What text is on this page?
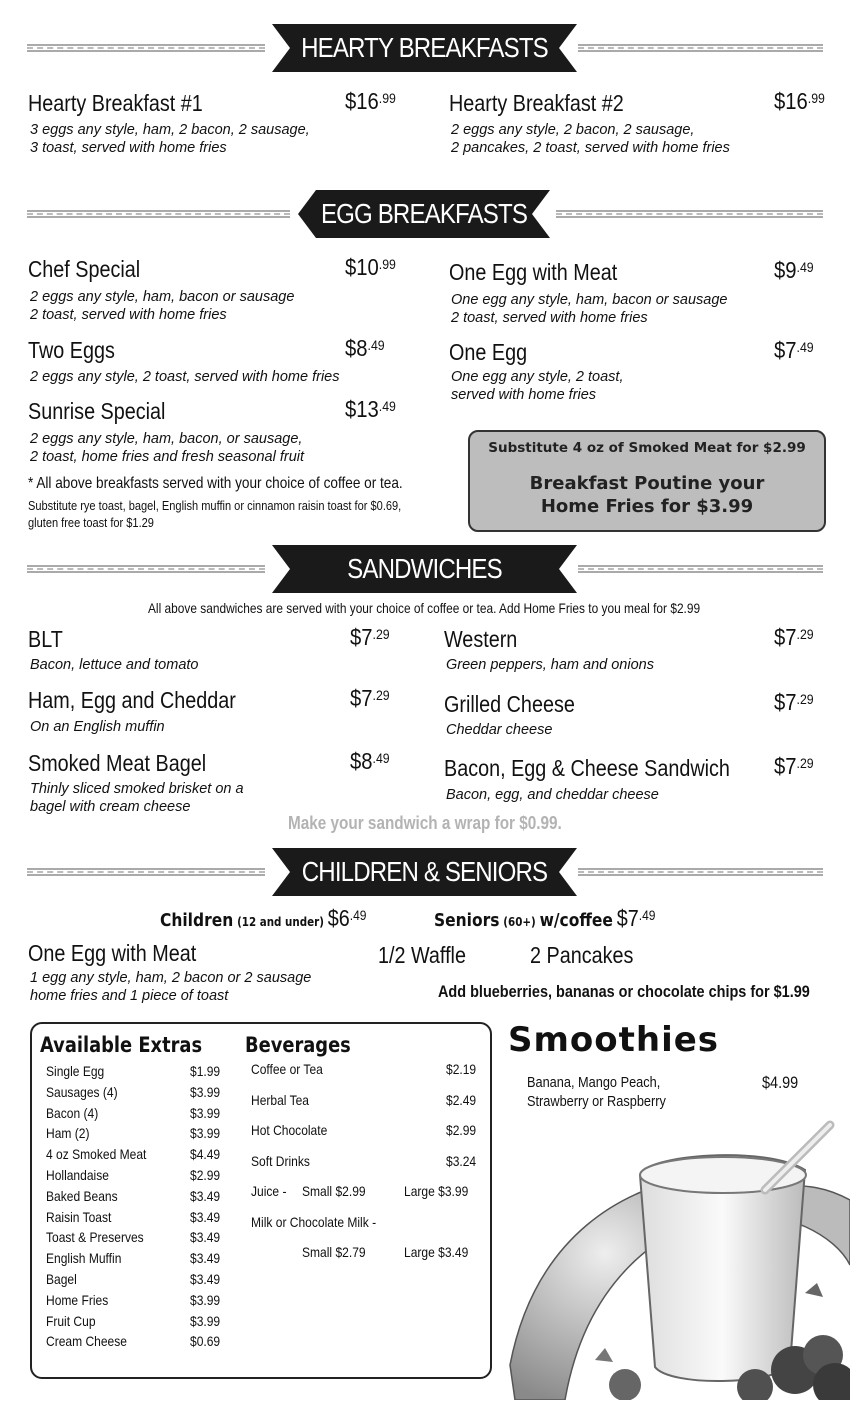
HEARTY BREAKFASTS
Hearty Breakfast #1	$\$16^{.99}$
3 eggs any style, ham, 2 bacon, 2 sausage,
3 toast, served with home fries
Hearty Breakfast #2	$\$16^{.99}$
2 eggs any style, 2 bacon, 2 sausage,
2 pancakes, 2 toast, served with home fries
EGG BREAKFASTS
Chef Special	$\$10^{.99}$
2 eggs any style, ham, bacon or sausage
2 toast, served with home fries
Two Eggs	$\$8^{.49}$
2 eggs any style, 2 toast, served with home fries
Sunrise Special	$\$13^{.49}$
2 eggs any style, ham, bacon, or sausage,
2 toast, home fries and fresh seasonal fruit
One Egg with Meat	$\$9^{.49}$
One egg any style, ham, bacon or sausage
2 toast, served with home fries
One Egg	$\$7^{.49}$
One egg any style, 2 toast,
served with home fries
* All above breakfasts served with your choice of coffee or tea.
Substitute rye toast, bagel, English muffin or cinnamon raisin toast for $0.69,
gluten free toast for $1.29
Substitute 4 oz of Smoked Meat for $2.99
Breakfast Poutine your
Home Fries for $3.99
SANDWICHES
All above sandwiches are served with your choice of coffee or tea. Add Home Fries to you meal for $2.99
BLT	$\$7^{.29}$
Bacon, lettuce and tomato
Ham, Egg and Cheddar	$\$7^{.29}$
On an English muffin
Smoked Meat Bagel	$\$8^{.49}$
Thinly sliced smoked brisket on a
bagel with cream cheese
Western	$\$7^{.29}$
Green peppers, ham and onions
Grilled Cheese	$\$7^{.29}$
Cheddar cheese
Bacon, Egg & Cheese Sandwich $\$7^{.29}$
Bacon, egg, and cheddar cheese
Make your sandwich a wrap for $0.99.
CHILDREN & SENIORS
Children (12 and under) $\$6^{.49}$	Seniors (60+) w/coffee $\$7^{.49}$
One Egg with Meat
1 egg any style, ham, 2 bacon or 2 sausage
home fries and 1 piece of toast
1/2 Waffle	2 Pancakes
Add blueberries, bananas or chocolate chips for $1.99
Available Extras Beverages
Single Egg	$1.99
Sausages (4)	$3.99
Bacon (4)	$3.99
Ham (2)	$3.99
4 oz Smoked Meat	$4.49
Hollandaise	$2.99
Baked Beans	$3.49
Raisin Toast	$3.49
Toast & Preserves	$3.49
English Muffin	$3.49
Bagel	$3.49
Home Fries	$3.99
Fruit Cup	$3.99
Cream Cheese	$0.69
Coffee or Tea	$2.19
Herbal Tea	$2.49
Hot Chocolate	$2.99
Soft Drinks	$3.24
Juice - Small $2.99	Large $3.99
Milk or Chocolate Milk -
Small $2.79	Large $3.49
Smoothies
Banana, Mango Peach,
Strawberry or Raspberry
$4.99
